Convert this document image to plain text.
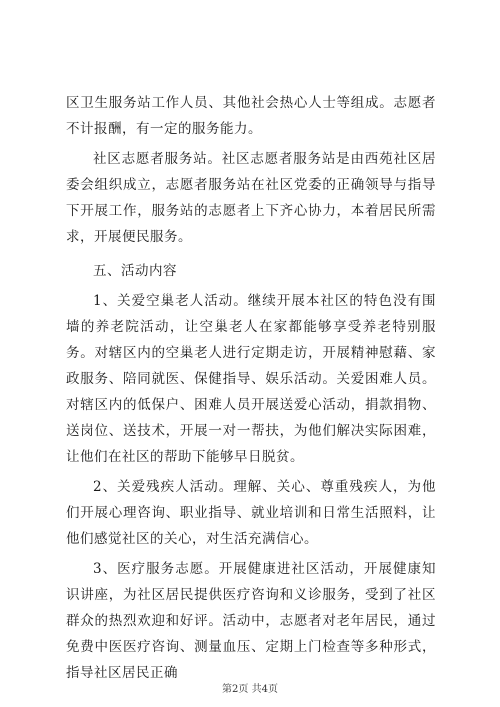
区卫生服务站工作人员、其他社会热心人士等组成。志愿者不计报酬，有一定的服务能力。

社区志愿者服务站。社区志愿者服务站是由西苑社区居委会组织成立，志愿者服务站在社区党委的正确领导与指导下开展工作，服务站的志愿者上下齐心协力，本着居民所需求，开展便民服务。

五、活动内容

1、关爱空巢老人活动。继续开展本社区的特色没有围墙的养老院活动，让空巢老人在家都能够享受养老特别服务。对辖区内的空巢老人进行定期走访，开展精神慰藉、家政服务、陪同就医、保健指导、娱乐活动。关爱困难人员。对辖区内的低保户、困难人员开展送爱心活动，捐款捐物、送岗位、送技术，开展一对一帮扶，为他们解决实际困难，让他们在社区的帮助下能够早日脱贫。

2、关爱残疾人活动。理解、关心、尊重残疾人，为他们开展心理咨询、职业指导、就业培训和日常生活照料，让他们感觉社区的关心，对生活充满信心。

3、医疗服务志愿。开展健康进社区活动，开展健康知识讲座，为社区居民提供医疗咨询和义诊服务，受到了社区群众的热烈欢迎和好评。活动中，志愿者对老年居民，通过免费中医医疗咨询、测量血压、定期上门检查等多种形式，指导社区居民正确

第2页 共4页
